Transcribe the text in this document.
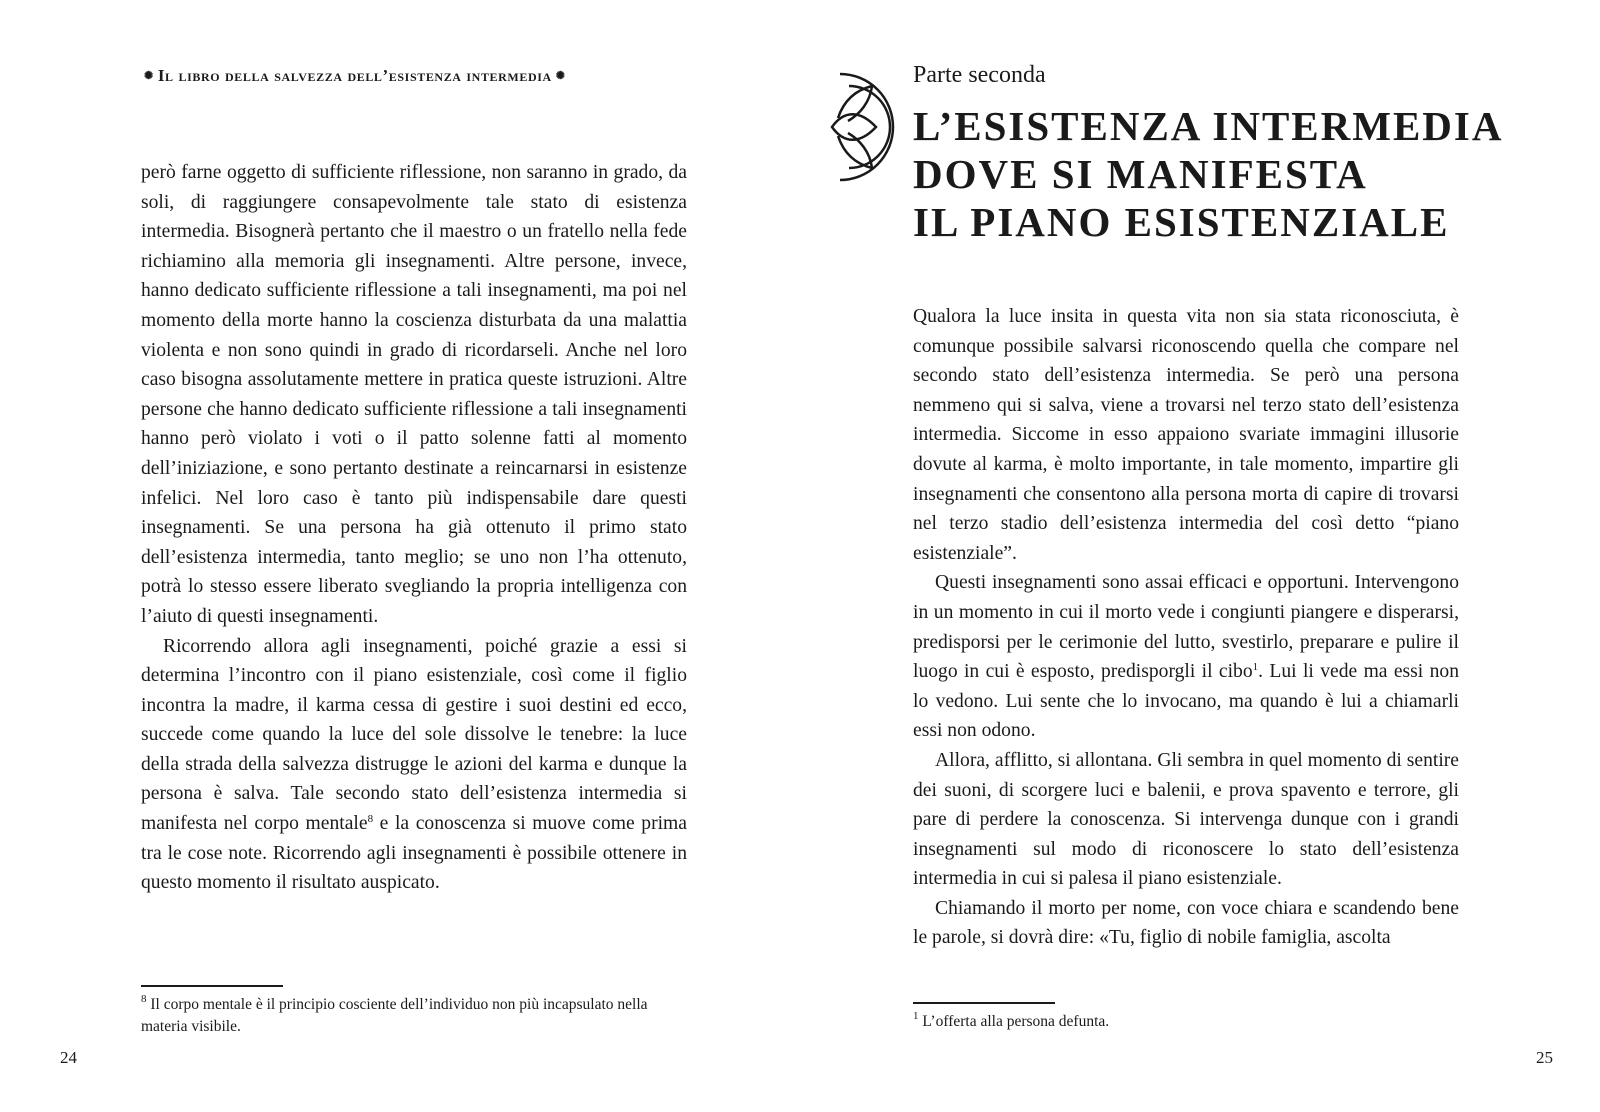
✺ Il libro della salvezza dell’esistenza intermedia ✺

però farne oggetto di sufficiente riflessione, non saranno in grado, da soli, di raggiungere consapevolmente tale stato di esistenza intermedia. Bisognerà pertanto che il maestro o un fratello nella fede richiamino alla memoria gli insegnamenti. Altre persone, invece, hanno dedicato sufficiente riflessione a tali insegnamenti, ma poi nel momento della morte hanno la coscienza disturbata da una malattia violenta e non sono quindi in grado di ricordarseli. Anche nel loro caso bisogna assolutamente mettere in pratica queste istruzioni. Altre persone che hanno dedicato sufficiente riflessione a tali insegnamenti hanno però violato i voti o il patto solenne fatti al momento dell’iniziazione, e sono pertanto destinate a reincarnarsi in esistenze infelici. Nel loro caso è tanto più indispensabile dare questi insegnamenti. Se una persona ha già ottenuto il primo stato dell’esistenza intermedia, tanto meglio; se uno non l’ha ottenuto, potrà lo stesso essere liberato svegliando la propria intelligenza con l’aiuto di questi insegnamenti.

Ricorrendo allora agli insegnamenti, poiché grazie a essi si determina l’incontro con il piano esistenziale, così come il figlio incontra la madre, il karma cessa di gestire i suoi destini ed ecco, succede come quando la luce del sole dissolve le tenebre: la luce della strada della salvezza distrugge le azioni del karma e dunque la persona è salva. Tale secondo stato dell’esistenza intermedia si manifesta nel corpo mentale$^8$ e la conoscenza si muove come prima tra le cose note. Ricorrendo agli insegnamenti è possibile ottenere in questo momento il risultato auspicato.

$^8$ Il corpo mentale è il principio cosciente dell’individuo non più incapsulato nella materia visibile.
24
Parte seconda
L’ESISTENZA INTERMEDIA
DOVE SI MANIFESTA
IL PIANO ESISTENZIALE

Qualora la luce insita in questa vita non sia stata riconosciuta, è comunque possibile salvarsi riconoscendo quella che compare nel secondo stato dell’esistenza intermedia. Se però una persona nemmeno qui si salva, viene a trovarsi nel terzo stato dell’esistenza intermedia. Siccome in esso appaiono svariate immagini illusorie dovute al karma, è molto importante, in tale momento, impartire gli insegnamenti che consentono alla persona morta di capire di trovarsi nel terzo stadio dell’esistenza intermedia del così detto “piano esistenziale”.

Questi insegnamenti sono assai efficaci e opportuni. Intervengono in un momento in cui il morto vede i congiunti piangere e disperarsi, predisporsi per le cerimonie del lutto, svestirlo, preparare e pulire il luogo in cui è esposto, predisporgli il cibo$^1$. Lui li vede ma essi non lo vedono. Lui sente che lo invocano, ma quando è lui a chiamarli essi non odono.

Allora, afflitto, si allontana. Gli sembra in quel momento di sentire dei suoni, di scorgere luci e balenii, e prova spavento e terrore, gli pare di perdere la conoscenza. Si intervenga dunque con i grandi insegnamenti sul modo di riconoscere lo stato dell’esistenza intermedia in cui si palesa il piano esistenziale.

Chiamando il morto per nome, con voce chiara e scandendo bene le parole, si dovrà dire: «Tu, figlio di nobile famiglia, ascolta

$^1$ L’offerta alla persona defunta.
25
